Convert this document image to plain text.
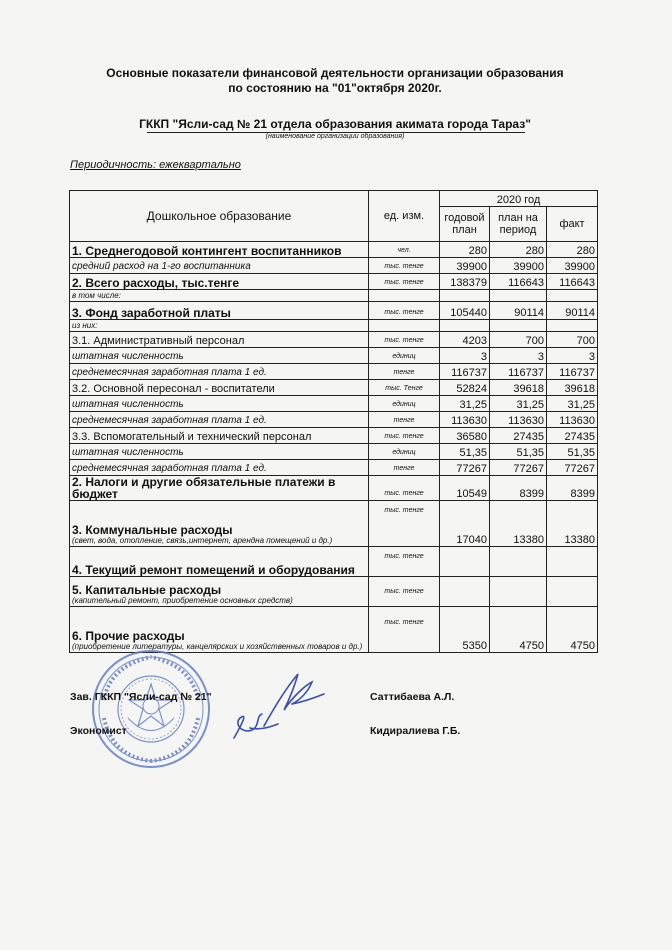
Основные показатели финансовой деятельности организации образования
по состоянию на "01"октября 2020г.
ГККП "Ясли-сад № 21 отдела образования акимата города Тараз"
(наименование организации образования)
Периодичность: ежеквартально
Дошкольное образование	ед. изм.	2020 год		
		годовой план	план на период	факт
1. Среднегодовой контингент воспитанников	чел.	280	280	280
средний расход на 1-го воспитанника	тыс. тенге	39900	39900	39900
2. Всего расходы, тыс.тенге	тыс. тенге	138379	116643	116643
в том числе:				
3. Фонд заработной платы	тыс. тенге	105440	90114	90114
из них:				
3.1. Административный персонал	тыс. тенге	4203	700	700
штатная численность	единиц	3	3	3
среднемесячная заработная плата 1 ед.	тенге	116737	116737	116737
3.2. Основной пересонал - воспитатели	тыс. Тенге	52824	39618	39618
штатная численность	единиц	31,25	31,25	31,25
среднемесячная заработная плата 1 ед.	тенге	113630	113630	113630
3.3. Вспомогательный и технический персонал	тыс. тенге	36580	27435	27435
штатная численность	единиц	51,35	51,35	51,35
среднемесячная заработная плата 1 ед.	тенге	77267	77267	77267
2. Налоги и другие обязательные платежи в бюджет	тыс. тенге	10549	8399	8399
3. Коммунальные расходы
(свет, вода, отопление, связь,интернет, арендна помещений и др.)	тыс. тенге	17040	13380	13380
4. Текущий ремонт помещений и оборудования	тыс. тенге			
5. Капитальные расходы
(капительный ремонт, приобретение основных средств)	тыс. тенге			
6. Прочие расходы
(приобретение литературы, канцелярских и хозяйственных товаров и др.)	тыс. тенге	5350	4750	4750
Зав. ГККП "Ясли-сад № 21"	Саттибаева А.Л.
Экономист	Кидиралиева Г.Б.
